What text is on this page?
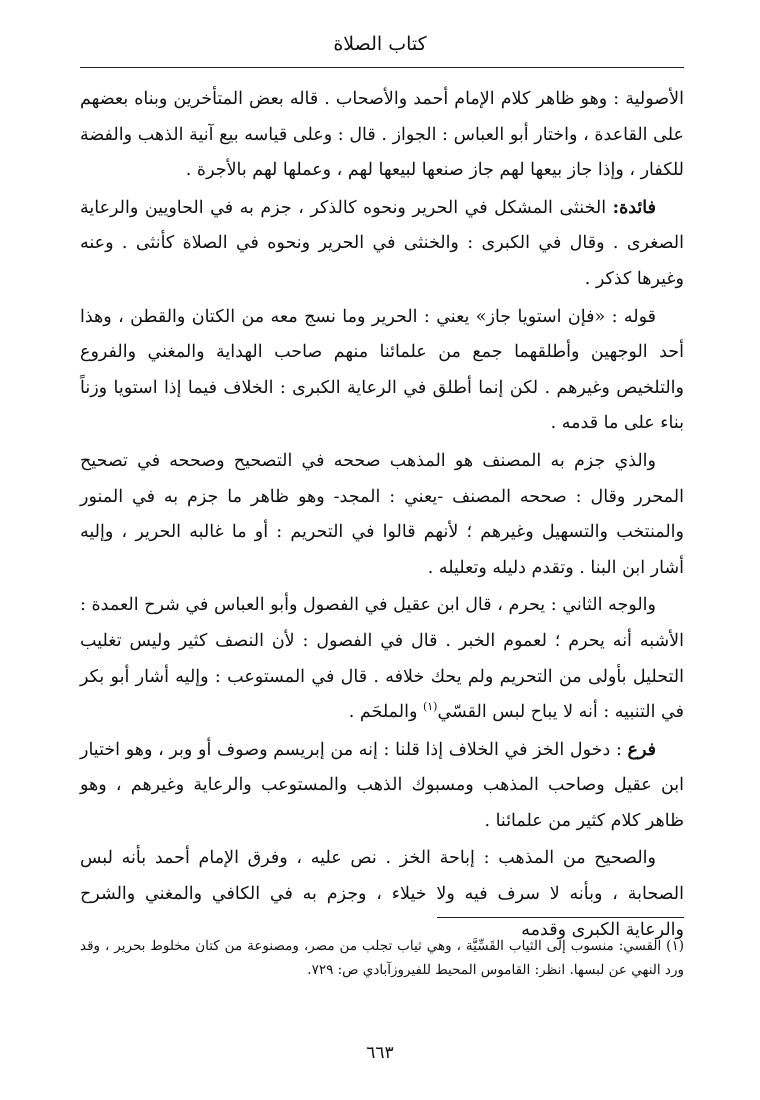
كتاب الصلاة

الأصولية : وهو ظاهر كلام الإمام أحمد والأصحاب . قاله بعض المتأخرين وبناه بعضهم على القاعدة ، واختار أبو العباس : الجواز . قال : وعلى قياسه بيع آنية الذهب والفضة للكفار ، وإذا جاز بيعها لهم جاز صنعها لبيعها لهم ، وعملها لهم بالأجرة .

فائدة: الخنثى المشكل في الحرير ونحوه كالذكر ، جزم به في الحاويين والرعاية الصغرى . وقال في الكبرى : والخنثى في الحرير ونحوه في الصلاة كأنثى . وعنه وغيرها كذكر .

قوله : «فإن استويا جاز» يعني : الحرير وما نسج معه من الكتان والقطن ، وهذا أحد الوجهين وأطلقهما جمع من علمائنا منهم صاحب الهداية والمغني والفروع والتلخيص وغيرهم . لكن إنما أطلق في الرعاية الكبرى : الخلاف فيما إذا استويا وزناً بناء على ما قدمه .

والذي جزم به المصنف هو المذهب صححه في التصحيح وصححه في تصحيح المحرر وقال : صححه المصنف -يعني : المجد- وهو ظاهر ما جزم به في المنور والمنتخب والتسهيل وغيرهم ؛ لأنهم قالوا في التحريم : أو ما غالبه الحرير ، وإليه أشار ابن البنا . وتقدم دليله وتعليله .

والوجه الثاني : يحرم ، قال ابن عقيل في الفصول وأبو العباس في شرح العمدة : الأشبه أنه يحرم ؛ لعموم الخبر . قال في الفصول : لأن النصف كثير وليس تغليب التحليل بأولى من التحريم ولم يحك خلافه . قال في المستوعب : وإليه أشار أبو بكر في التنبيه : أنه لا يباح لبس القسّي$^{(١)}$ والملحَم .

فرع : دخول الخز في الخلاف إذا قلنا : إنه من إبريسم وصوف أو وبر ، وهو اختيار ابن عقيل وصاحب المذهب ومسبوك الذهب والمستوعب والرعاية وغيرهم ، وهو ظاهر كلام كثير من علمائنا .

والصحيح من المذهب : إباحة الخز . نص عليه ، وفرق الإمام أحمد بأنه لبس الصحابة ، وبأنه لا سرف فيه ولا خيلاء ، وجزم به في الكافي والمغني والشرح والرعاية الكبرى وقدمه

(١) القسي: منسوب إلى الثياب القَسِّيَّة ، وهي ثياب تجلب من مصر، ومصنوعة من كتان مخلوط بحرير ، وقد ورد النهي عن لبسها. انظر: القاموس المحيط للفيروزآبادي ص: ٧٢٩.

٦٦٣
